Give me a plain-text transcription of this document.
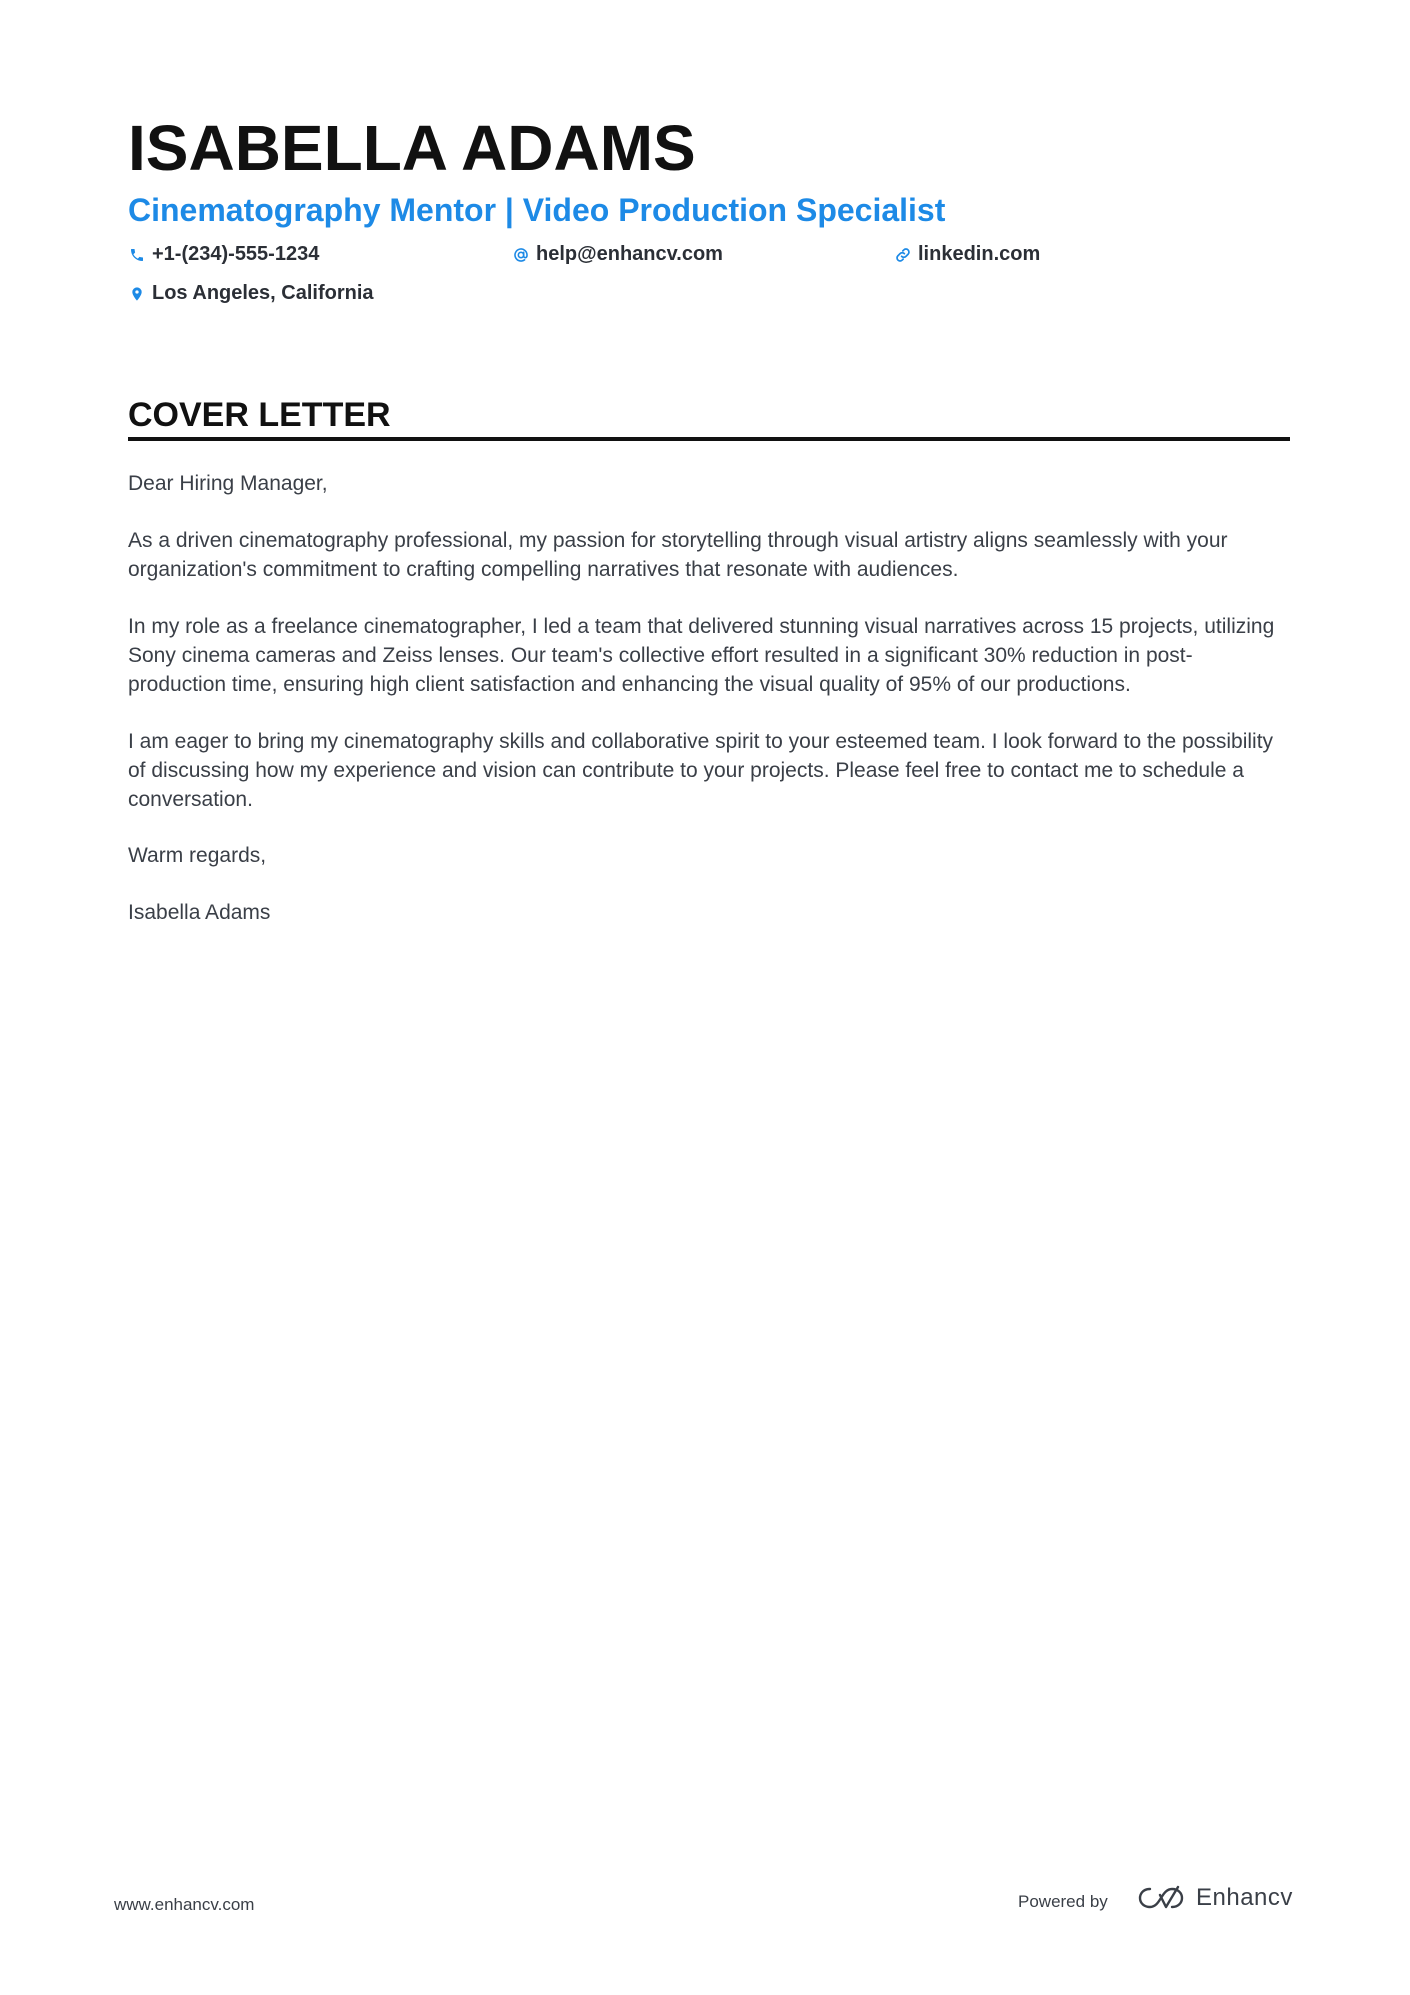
ISABELLA ADAMS
Cinematography Mentor | Video Production Specialist
+1-(234)-555-1234	help@enhancv.com	linkedin.com
Los Angeles, California
COVER LETTER

Dear Hiring Manager,

As a driven cinematography professional, my passion for storytelling through visual artistry aligns seamlessly with your organization's commitment to crafting compelling narratives that resonate with audiences.

In my role as a freelance cinematographer, I led a team that delivered stunning visual narratives across 15 projects, utilizing Sony cinema cameras and Zeiss lenses. Our team's collective effort resulted in a significant 30% reduction in post-production time, ensuring high client satisfaction and enhancing the visual quality of 95% of our productions.

I am eager to bring my cinematography skills and collaborative spirit to your esteemed team. I look forward to the possibility of discussing how my experience and vision can contribute to your projects. Please feel free to contact me to schedule a conversation.

Warm regards,

Isabella Adams

www.enhancv.com	Powered by	Enhancv
